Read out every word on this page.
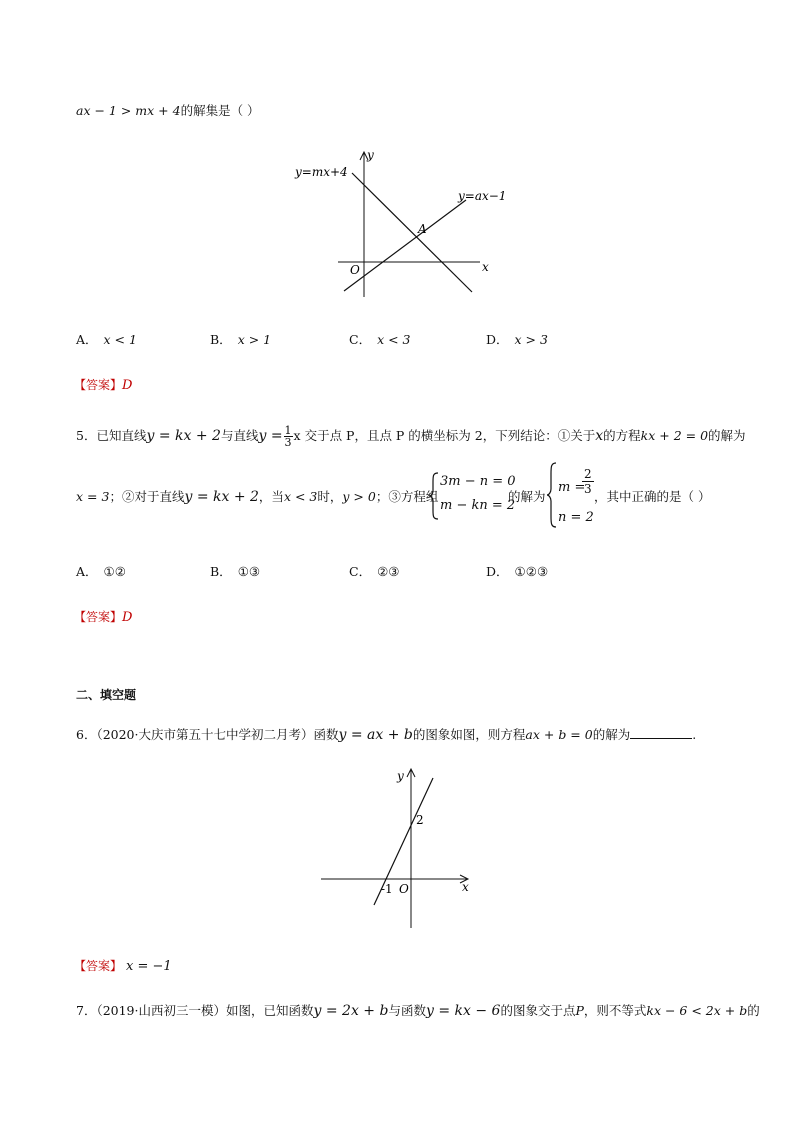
ax − 1 > mx + 4的解集是（ ）
y=mx+4
y=ax−1
y
x
O
A
A． x < 1	B． x > 1	C． x < 3	D． x > 3
【答案】D
5．已知直线y = kx + 2与直线$y = \frac{1}{3}$ x 交于点 P，且点 P 的横坐标为 2，下列结论：①关于x的方程kx + 2 = 0的解为
x = 3；②对于直线y = kx + 2，当x < 3时，y > 0；③方程组
3m − n = 0
m − kn = 2
的解为
m =
2
3
n = 2
，其中正确的是（ ）
A． ①②	B． ①③	C． ②③	D． ①②③
【答案】D
二、填空题
6．（2020·大庆市第五十七中学初二月考）函数y = ax + b的图象如图，则方程ax + b = 0的解为	.
y
x
O
-1
2
【答案】 x = −1
7．（2019·山西初三一模）如图，已知函数y = 2x + b与函数y = kx − 6的图象交于点P，则不等式kx − 6 < 2x + b的
